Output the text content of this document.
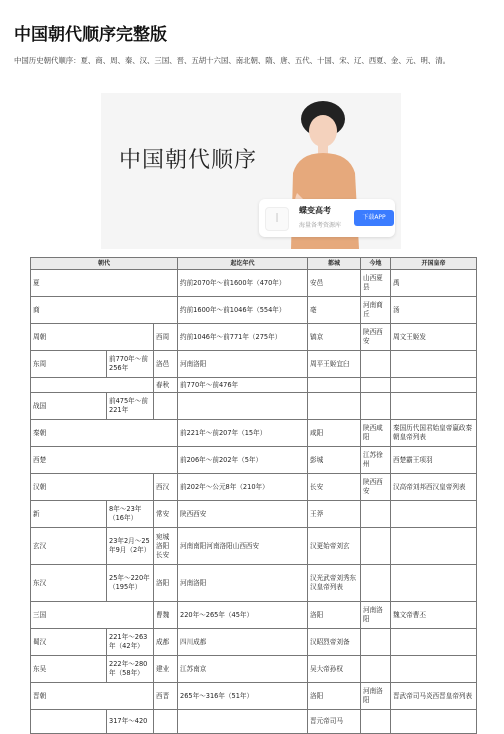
中国朝代顺序完整版

中国历史朝代顺序：夏、商、周、秦、汉、三国、晋、五胡十六国、南北朝、隋、唐、五代、十国、宋、辽、西夏、金、元、明、清。

中国朝代顺序
|
蝶变高考
海量备考资源库
下载APP
朝代			起讫年代	都城	今地	开国皇帝
夏			约前2070年～前1600年（470年）	安邑	山西夏县	禹
商			约前1600年～前1046年（554年）	亳	河南商丘	汤
周朝		西周	约前1046年～前771年（275年）	镐京	陕西西安	周文王姬发
东周	前770年～前256年	洛邑	河南洛阳	周平王姬宜臼		
		春秋	前770年～前476年			
战国	前475年～前221年					
秦朝			前221年～前207年（15年）	咸阳	陕西咸阳	秦国历代国君始皇帝嬴政秦朝皇帝列表
西楚			前206年～前202年（5年）	彭城	江苏徐州	西楚霸王项羽
汉朝		西汉	前202年～公元8年（210年）	长安	陕西西安	汉高帝刘邦西汉皇帝列表
新	8年～23年（16年）	常安	陕西西安	王莽		
玄汉	23年2月～25年9月（2年）	宛城洛阳长安	河南南阳河南洛阳山西西安	汉更始帝刘玄		
东汉	25年～220年（195年）	洛阳	河南洛阳	汉光武帝刘秀东汉皇帝列表		
三国		曹魏	220年～265年（45年）	洛阳	河南洛阳	魏文帝曹丕
蜀汉	221年～263年（42年）	成都	四川成都	汉昭烈帝刘备		
东吴	222年～280年（58年）	建业	江苏南京	吴大帝孙权		
晋朝		西晋	265年～316年（51年）	洛阳	河南洛阳	晋武帝司马炎西晋皇帝列表
	317年～420			晋元帝司马		
